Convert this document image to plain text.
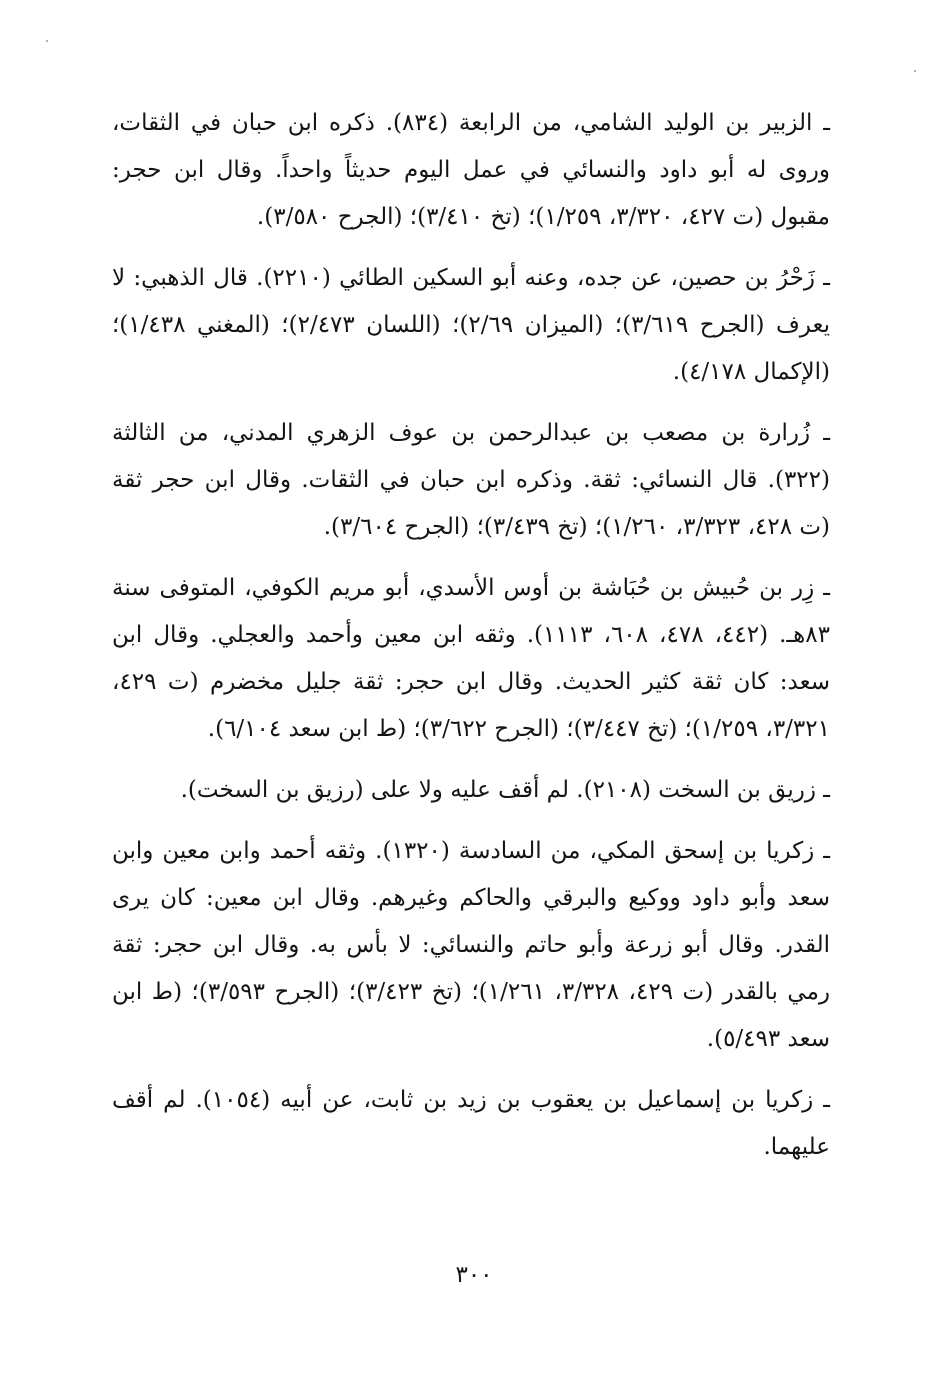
ـ الزبير بن الوليد الشامي، من الرابعة (٨٣٤). ذكره ابن حبان في الثقات، وروى له أبو داود والنسائي في عمل اليوم حديثاً واحداً. وقال ابن حجر: مقبول (ت ٤٢٧، ٣/٣٢٠، ١/٢٥٩)؛ (تخ ٣/٤١٠)؛ (الجرح ٣/٥٨٠).

ـ زَحْرُ بن حصين، عن جده، وعنه أبو السكين الطائي (٢٢١٠). قال الذهبي: لا يعرف (الجرح ٣/٦١٩)؛ (الميزان ٢/٦٩)؛ (اللسان ٢/٤٧٣)؛ (المغني ١/٤٣٨)؛ (الإكمال ٤/١٧٨).

ـ زُرارة بن مصعب بن عبدالرحمن بن عوف الزهري المدني، من الثالثة (٣٢٢). قال النسائي: ثقة. وذكره ابن حبان في الثقات. وقال ابن حجر ثقة (ت ٤٢٨، ٣/٣٢٣، ١/٢٦٠)؛ (تخ ٣/٤٣٩)؛ (الجرح ٣/٦٠٤).

ـ زِر بن حُبيش بن حُبَاشة بن أوس الأسدي، أبو مريم الكوفي، المتوفى سنة ٨٣هـ. (٤٤٢، ٤٧٨، ٦٠٨، ١١١٣). وثقه ابن معين وأحمد والعجلي. وقال ابن سعد: كان ثقة كثير الحديث. وقال ابن حجر: ثقة جليل مخضرم (ت ٤٢٩، ٣/٣٢١، ١/٢٥٩)؛ (تخ ٣/٤٤٧)؛ (الجرح ٣/٦٢٢)؛ (ط ابن سعد ٦/١٠٤).

ـ زريق بن السخت (٢١٠٨). لم أقف عليه ولا على (رزيق بن السخت).

ـ زكريا بن إسحق المكي، من السادسة (١٣٢٠). وثقه أحمد وابن معين وابن سعد وأبو داود ووكيع والبرقي والحاكم وغيرهم. وقال ابن معين: كان يرى القدر. وقال أبو زرعة وأبو حاتم والنسائي: لا بأس به. وقال ابن حجر: ثقة رمي بالقدر (ت ٤٢٩، ٣/٣٢٨، ١/٢٦١)؛ (تخ ٣/٤٢٣)؛ (الجرح ٣/٥٩٣)؛ (ط ابن سعد ٥/٤٩٣).

ـ زكريا بن إسماعيل بن يعقوب بن زيد بن ثابت، عن أبيه (١٠٥٤). لم أقف عليهما.

٣٠٠
